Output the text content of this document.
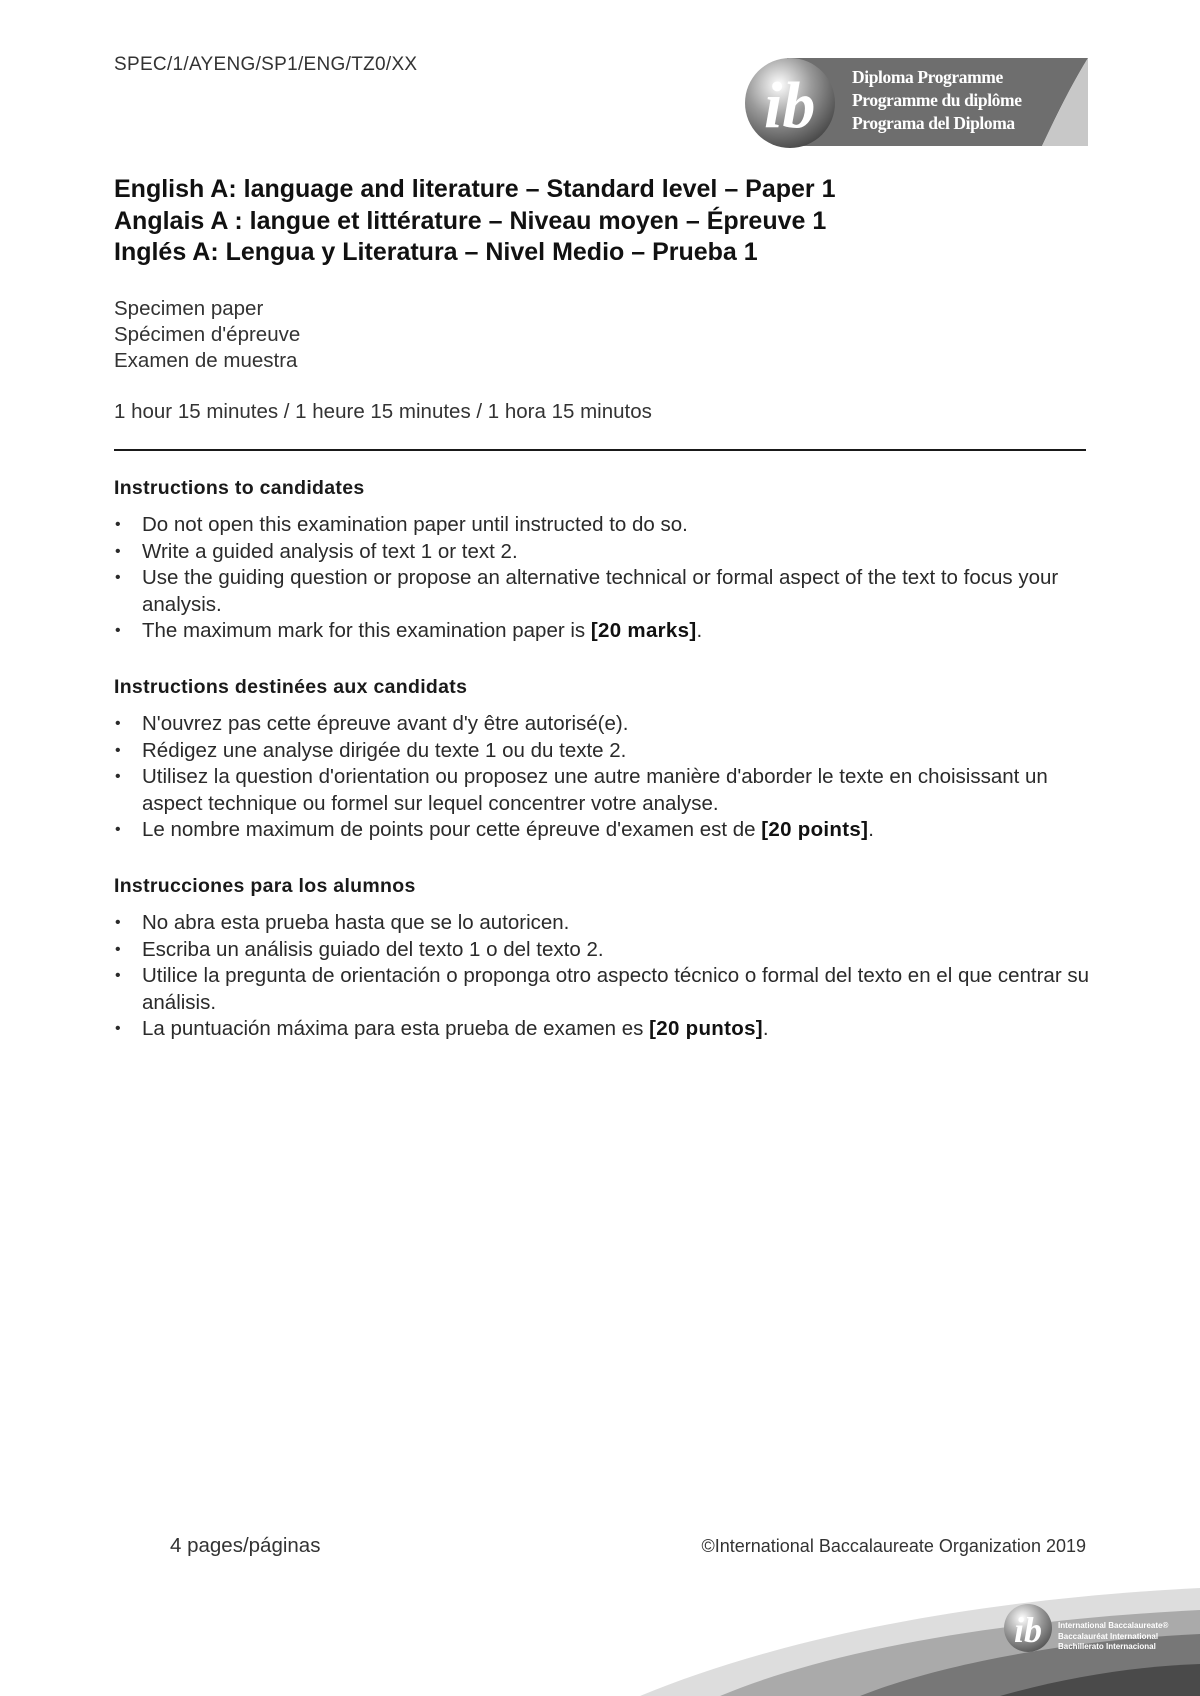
SPEC/1/AYENG/SP1/ENG/TZ0/XX
ib Diploma Programme
Programme du diplôme
Programa del Diploma
English A: language and literature – Standard level – Paper 1
Anglais A : langue et littérature – Niveau moyen – Épreuve 1
Inglés A: Lengua y Literatura – Nivel Medio – Prueba 1
Specimen paper
Spécimen d'épreuve
Examen de muestra
1 hour 15 minutes / 1 heure 15 minutes / 1 hora 15 minutos
Instructions to candidates
• Do not open this examination paper until instructed to do so.
• Write a guided analysis of text 1 or text 2.
• Use the guiding question or propose an alternative technical or formal aspect of the text to focus your analysis.
• The maximum mark for this examination paper is [20 marks].
Instructions destinées aux candidats
• N'ouvrez pas cette épreuve avant d'y être autorisé(e).
• Rédigez une analyse dirigée du texte 1 ou du texte 2.
• Utilisez la question d'orientation ou proposez une autre manière d'aborder le texte en choisissant un aspect technique ou formel sur lequel concentrer votre analyse.
• Le nombre maximum de points pour cette épreuve d'examen est de [20 points].
Instrucciones para los alumnos
• No abra esta prueba hasta que se lo autoricen.
• Escriba un análisis guiado del texto 1 o del texto 2.
• Utilice la pregunta de orientación o proponga otro aspecto técnico o formal del texto en el que centrar su análisis.
• La puntuación máxima para esta prueba de examen es [20 puntos].
4 pages/páginas	©International Baccalaureate Organization 2019
ib International Baccalaureate®
Baccalauréat International
Bachillerato Internacional
